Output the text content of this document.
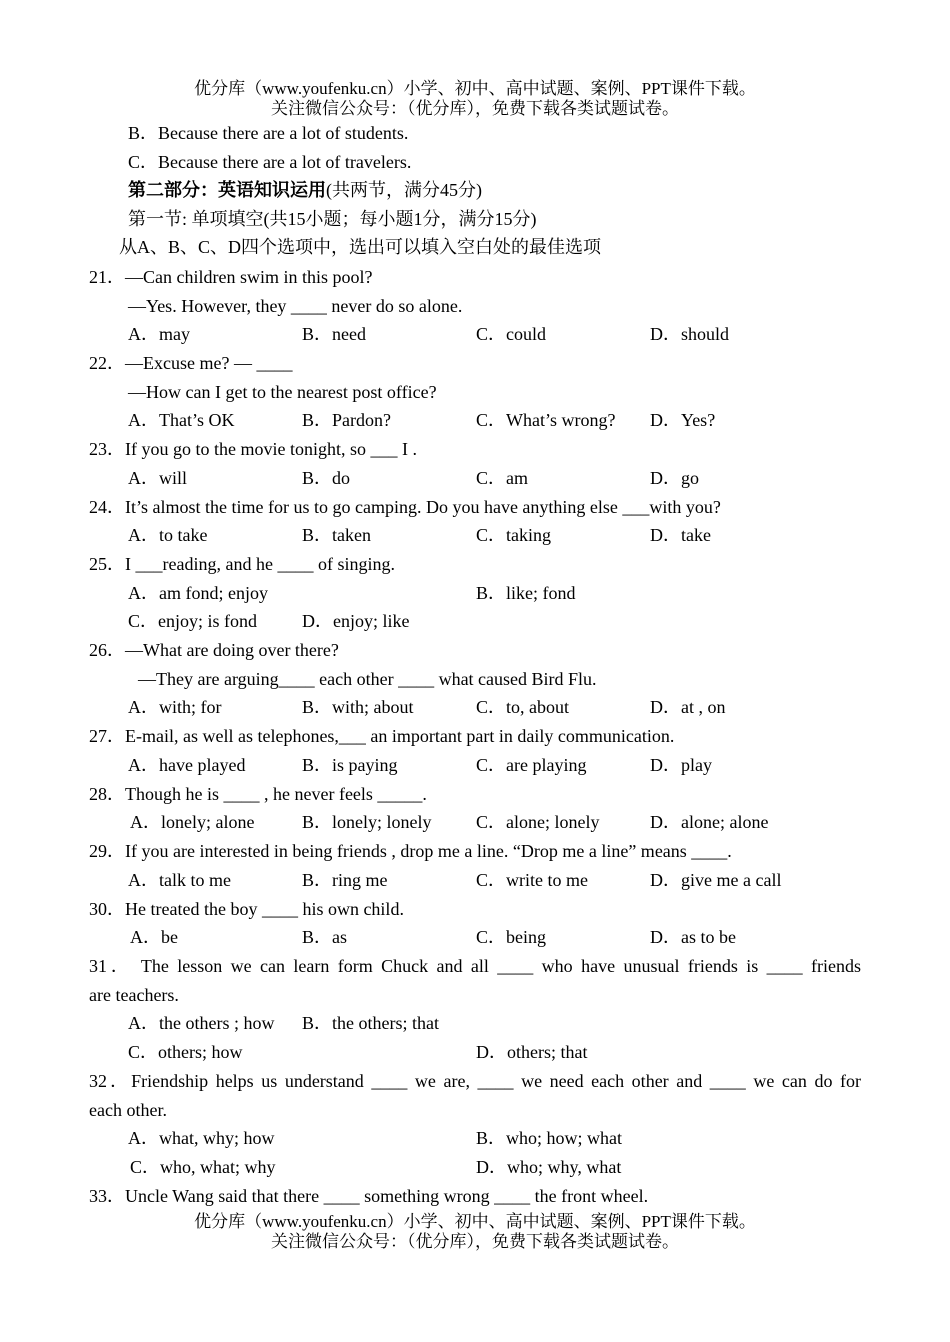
优分库（www.youfenku.cn）小学、初中、高中试题、案例、PPT课件下载。
关注微信公众号：（优分库），免费下载各类试题试卷。
B．Because there are a lot of students.
C．Because there are a lot of travelers.
第二部分：英语知识运用(共两节，满分45分)
第一节: 单项填空(共15小题；每小题1分，满分15分)
从A、B、C、D四个选项中，选出可以填入空白处的最佳选项
21．—Can children swim in this pool?
—Yes. However, they ____ never do so alone.
A．may	B．need	C．could	D．should
22．—Excuse me? — ____
—How can I get to the nearest post office?
A．That’s OK	B．Pardon?	C．What’s wrong? D．Yes?
23．If you go to the movie tonight, so ___ I .
A．will	B．do	C．am	D．go
24．It’s almost the time for us to go camping. Do you have anything else ___with you?
A．to take	B．taken	C．taking	D．take
25．I ___reading, and he ____ of singing.
A．am fond; enjoy	B．like; fond
C．enjoy; is fond	D．enjoy; like
26．—What are doing over there?
—They are arguing____ each other ____ what caused Bird Flu.
A．with; for	B．with; about	C．to, about	D．at , on
27．E-mail, as well as telephones,___ an important part in daily communication.
A．have played	B．is paying	C．are playing	D．play
28．Though he is ____ , he never feels _____.
A．lonely; alone	B．lonely; lonely C．alone; lonely	D．alone; alone
29．If you are interested in being friends , drop me a line. “Drop me a line” means ____.
A．talk to me	B．ring me	C．write to me	D．give me a call
30．He treated the boy ____ his own child.
A．be	B．as	C．being	D．as to be
31． The lesson we can learn form Chuck and all ____ who have unusual friends is ____ friends
are teachers.
A．the others ; how B．the others; that
C．others; how	D．others; that
32．Friendship helps us understand ____ we are, ____ we need each other and ____ we can do for
each other.
A．what, why; how	B．who; how; what
C．who, what; why	D．who; why, what
33．Uncle Wang said that there ____ something wrong ____ the front wheel.
优分库（www.youfenku.cn）小学、初中、高中试题、案例、PPT课件下载。
关注微信公众号：（优分库），免费下载各类试题试卷。
